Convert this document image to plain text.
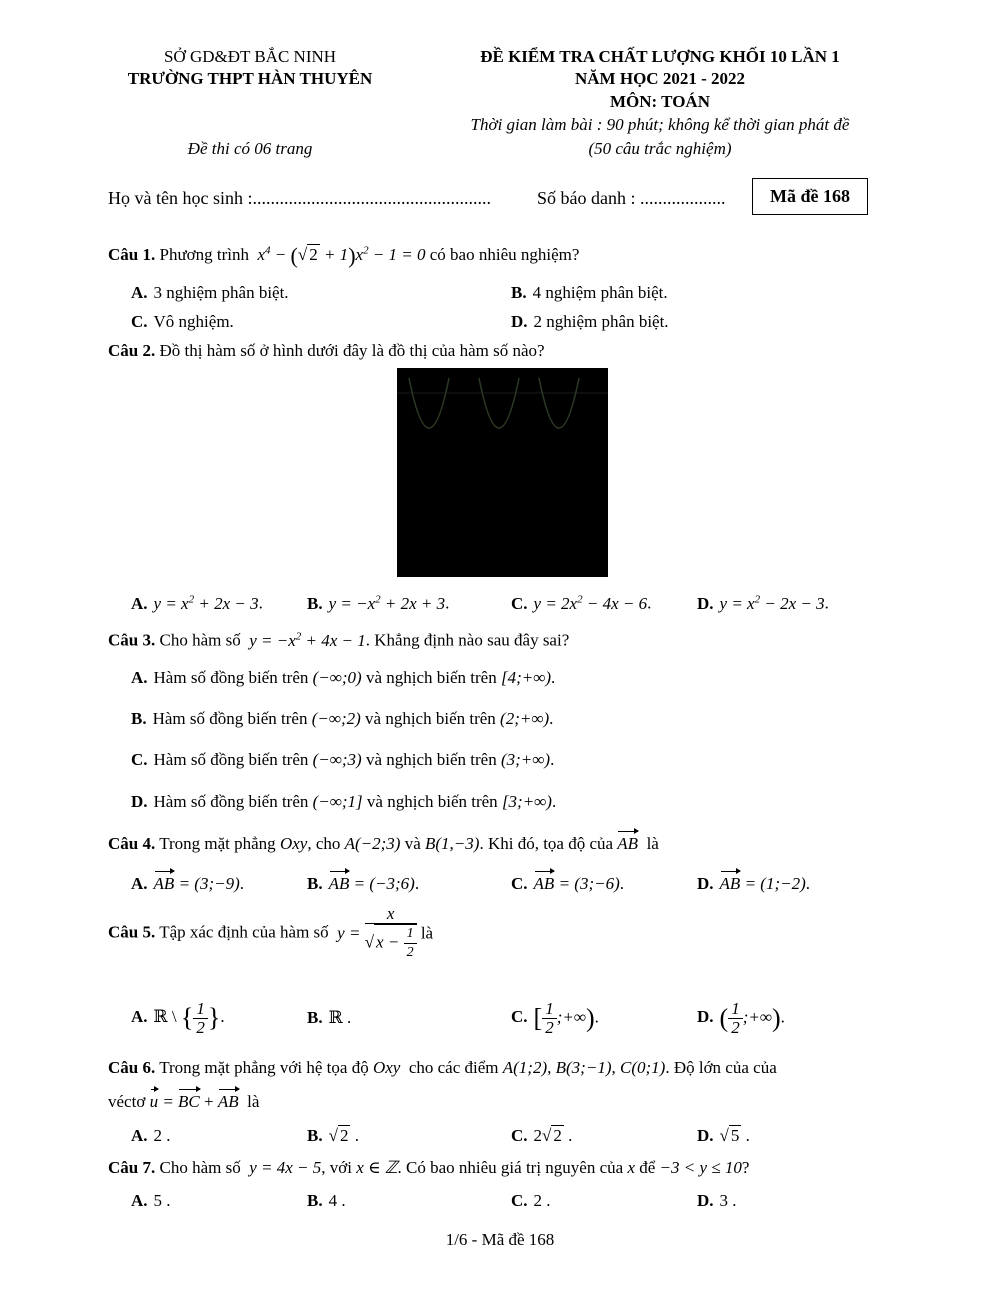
SỞ GD&ĐT BẮC NINH
TRƯỜNG THPT HÀN THUYÊN
Đề thi có 06 trang
ĐỀ KIỂM TRA CHẤT LƯỢNG KHỐI 10 LẦN 1
NĂM HỌC 2021 - 2022
MÔN: TOÁN
Thời gian làm bài : 90 phút; không kể thời gian phát đề
(50 câu trắc nghiệm)
Họ và tên học sinh :.....................................................	Số báo danh : ...................	Mã đề 168
Câu 1. Phương trình  $x^4$ − (√ $2 + 1)x^2 - 1 = 0$ có bao nhiêu nghiệm?
A. 3 nghiệm phân biệt.	B. 4 nghiệm phân biệt.
C. Vô nghiệm.	D. 2 nghiệm phân biệt.
Câu 2. Đồ thị hàm số ở hình dưới đây là đồ thị của hàm số nào?
A. $y = x^2 + 2x - 3$.	B. $y = -x^2 + 2x + 3$.	C. $y = 2x^2 - 4x - 6$.	D. $y = x^2 - 2x - 3$.
Câu 3. Cho hàm số  $y = -x^2 + 4x - 1$. Khẳng định nào sau đây sai?
A. Hàm số đồng biến trên (−∞;0) và nghịch biến trên [4;+∞).
B. Hàm số đồng biến trên (−∞;2) và nghịch biến trên (2;+∞).
C. Hàm số đồng biến trên (−∞;3) và nghịch biến trên (3;+∞).
D. Hàm số đồng biến trên (−∞;1] và nghịch biến trên [3;+∞).
Câu 4. Trong mặt phẳng Oxy, cho A(−2;3) và B(1,−3). Khi đó, tọa độ của AB là
A. AB = (3;−9).	B. AB = (−3;6).	C. AB = (3;−6).	D. AB = (1;−2).
Câu 5. Tập xác định của hàm số  $y = \frac{x}{√ x - \frac{1}{2}}$ là
A. ℝ \ { $\frac{1}{2}$ }.	B. ℝ .	C. [ $\frac{1}{2}$ ;+∞).	D. ( $\frac{1}{2}$ ;+∞).
Câu 6. Trong mặt phẳng với hệ tọa độ Oxy cho các điểm A(1;2), B(3;−1), C(0;1). Độ lớn của của
véctơ u = BC + AB là
A. 2 .	B. √ 2 .	C. 2√ 2 .	D. √ 5 .
Câu 7. Cho hàm số  y = 4x − 5, với x ∈ ℤ. Có bao nhiêu giá trị nguyên của x để −3 < y ≤ 10?
A. 5 .	B. 4 .	C. 2 .	D. 3 .
1/6 - Mã đề 168
